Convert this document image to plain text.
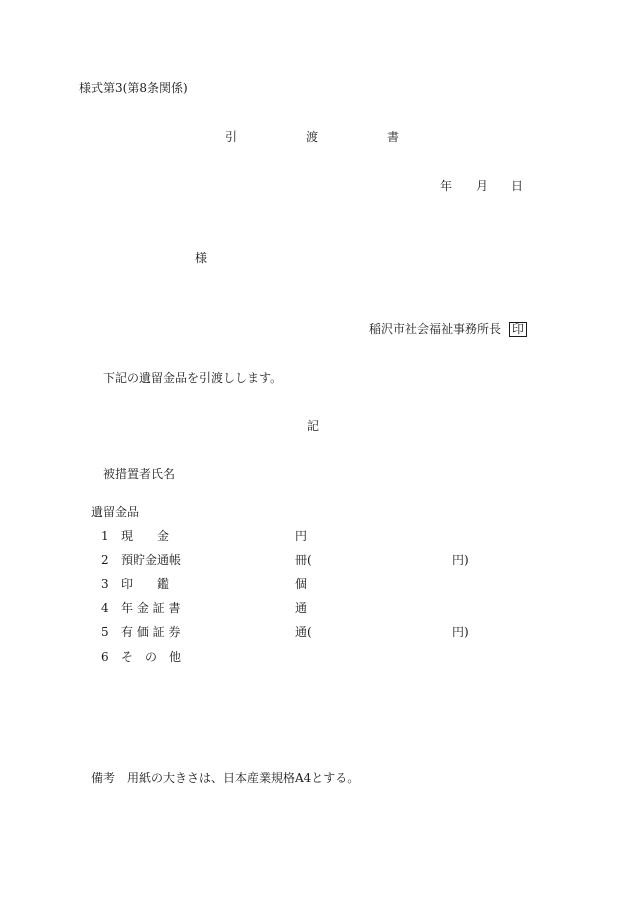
様式第3(第8条関係)
引	渡	書
年 月 日
様
稲沢市社会福祉事務所長 印
下記の遺留金品を引渡しします。
記
被措置者氏名
遺留金品
1 現　　金	円
2 預貯金通帳	冊(	円)
3 印　　鑑	個
4 年 金 証 書	通
5 有 価 証 券	通(	円)
6 そ　の　他
備考　用紙の大きさは、日本産業規格A4とする。
